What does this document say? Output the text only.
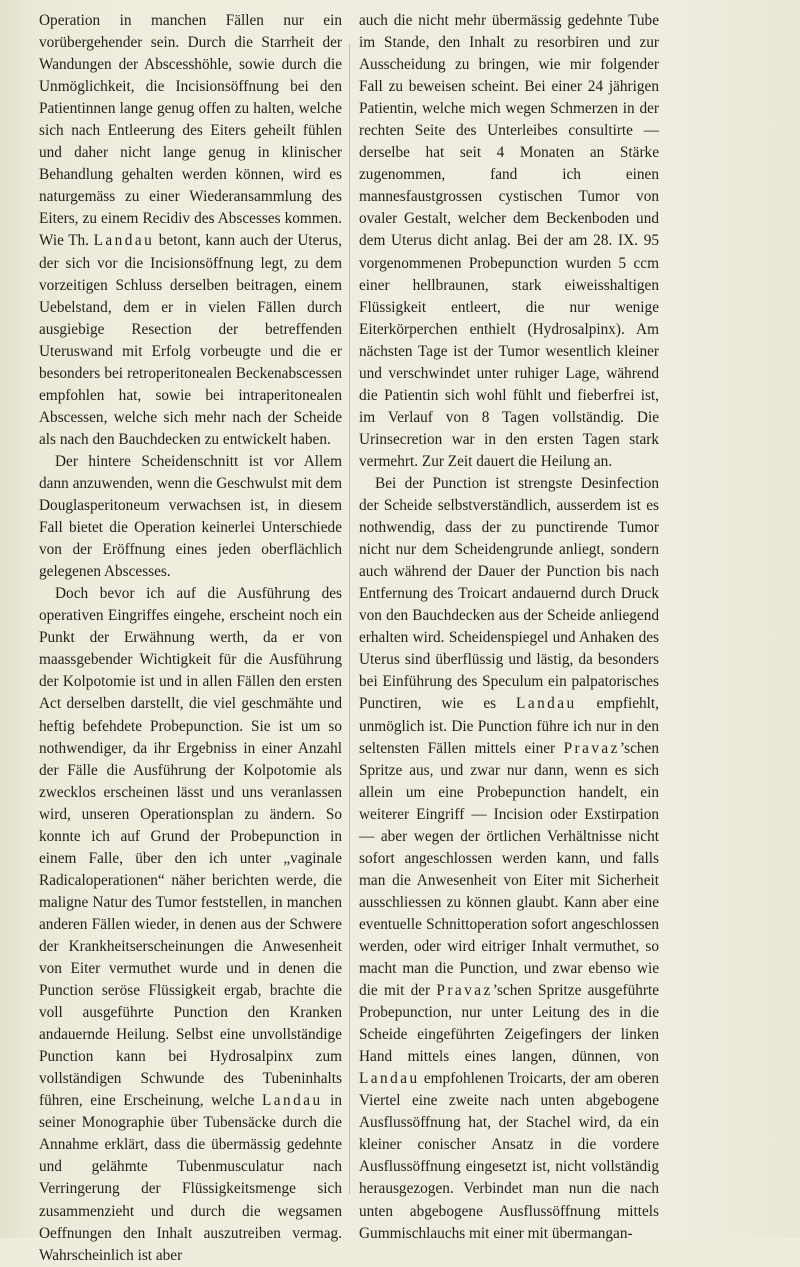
Operation in manchen Fällen nur ein vorübergehender sein. Durch die Starrheit der Wandungen der Abscesshöhle, sowie durch die Unmöglichkeit, die Incisionsöffnung bei den Patientinnen lange genug offen zu halten, welche sich nach Entleerung des Eiters geheilt fühlen und daher nicht lange genug in klinischer Behandlung gehalten werden können, wird es naturgemäss zu einer Wiederansammlung des Eiters, zu einem Recidiv des Abscesses kommen. Wie Th. Landau betont, kann auch der Uterus, der sich vor die Incisionsöffnung legt, zu dem vorzeitigen Schluss derselben beitragen, einem Uebelstand, dem er in vielen Fällen durch ausgiebige Resection der betreffenden Uteruswand mit Erfolg vorbeugte und die er besonders bei retroperitonealen Beckenabscessen empfohlen hat, sowie bei intraperitonealen Abscessen, welche sich mehr nach der Scheide als nach den Bauchdecken zu entwickelt haben.

Der hintere Scheidenschnitt ist vor Allem dann anzuwenden, wenn die Geschwulst mit dem Douglasperitoneum verwachsen ist, in diesem Fall bietet die Operation keinerlei Unterschiede von der Eröffnung eines jeden oberflächlich gelegenen Abscesses.

Doch bevor ich auf die Ausführung des operativen Eingriffes eingehe, erscheint noch ein Punkt der Erwähnung werth, da er von maassgebender Wichtigkeit für die Ausführung der Kolpotomie ist und in allen Fällen den ersten Act derselben darstellt, die viel geschmähte und heftig befehdete Probepunction. Sie ist um so nothwendiger, da ihr Ergebniss in einer Anzahl der Fälle die Ausführung der Kolpotomie als zwecklos erscheinen lässt und uns veranlassen wird, unseren Operationsplan zu ändern. So konnte ich auf Grund der Probepunction in einem Falle, über den ich unter „vaginale Radicaloperationen“ näher berichten werde, die maligne Natur des Tumor feststellen, in manchen anderen Fällen wieder, in denen aus der Schwere der Krankheitserscheinungen die Anwesenheit von Eiter vermuthet wurde und in denen die Punction seröse Flüssigkeit ergab, brachte die voll ausgeführte Punction den Kranken andauernde Heilung. Selbst eine unvollständige Punction kann bei Hydrosalpinx zum vollständigen Schwunde des Tubeninhalts führen, eine Erscheinung, welche Landau in seiner Monographie über Tubensäcke durch die Annahme erklärt, dass die übermässig gedehnte und gelähmte Tubenmusculatur nach Verringerung der Flüssigkeitsmenge sich zusammenzieht und durch die wegsamen Oeffnungen den Inhalt auszutreiben vermag. Wahrscheinlich ist aber

auch die nicht mehr übermässig gedehnte Tube im Stande, den Inhalt zu resorbiren und zur Ausscheidung zu bringen, wie mir folgender Fall zu beweisen scheint. Bei einer 24 jährigen Patientin, welche mich wegen Schmerzen in der rechten Seite des Unterleibes consultirte — derselbe hat seit 4 Monaten an Stärke zugenommen, fand ich einen mannesfaustgrossen cystischen Tumor von ovaler Gestalt, welcher dem Beckenboden und dem Uterus dicht anlag. Bei der am 28. IX. 95 vorgenommenen Probepunction wurden 5 ccm einer hellbraunen, stark eiweisshaltigen Flüssigkeit entleert, die nur wenige Eiterkörperchen enthielt (Hydrosalpinx). Am nächsten Tage ist der Tumor wesentlich kleiner und verschwindet unter ruhiger Lage, während die Patientin sich wohl fühlt und fieberfrei ist, im Verlauf von 8 Tagen vollständig. Die Urinsecretion war in den ersten Tagen stark vermehrt. Zur Zeit dauert die Heilung an.

Bei der Punction ist strengste Desinfection der Scheide selbstverständlich, ausserdem ist es nothwendig, dass der zu punctirende Tumor nicht nur dem Scheidengrunde anliegt, sondern auch während der Dauer der Punction bis nach Entfernung des Troicart andauernd durch Druck von den Bauchdecken aus der Scheide anliegend erhalten wird. Scheidenspiegel und Anhaken des Uterus sind überflüssig und lästig, da besonders bei Einführung des Speculum ein palpatorisches Punctiren, wie es Landau empfiehlt, unmöglich ist. Die Punction führe ich nur in den seltensten Fällen mittels einer Pravaz’schen Spritze aus, und zwar nur dann, wenn es sich allein um eine Probepunction handelt, ein weiterer Eingriff — Incision oder Exstirpation — aber wegen der örtlichen Verhältnisse nicht sofort angeschlossen werden kann, und falls man die Anwesenheit von Eiter mit Sicherheit ausschliessen zu können glaubt. Kann aber eine eventuelle Schnittoperation sofort angeschlossen werden, oder wird eitriger Inhalt vermuthet, so macht man die Punction, und zwar ebenso wie die mit der Pravaz’schen Spritze ausgeführte Probepunction, nur unter Leitung des in die Scheide eingeführten Zeigefingers der linken Hand mittels eines langen, dünnen, von Landau empfohlenen Troicarts, der am oberen Viertel eine zweite nach unten abgebogene Ausflussöffnung hat, der Stachel wird, da ein kleiner conischer Ansatz in die vordere Ausflussöffnung eingesetzt ist, nicht vollständig herausgezogen. Verbindet man nun die nach unten abgebogene Ausflussöffnung mittels Gummischlauchs mit einer mit übermangan-
